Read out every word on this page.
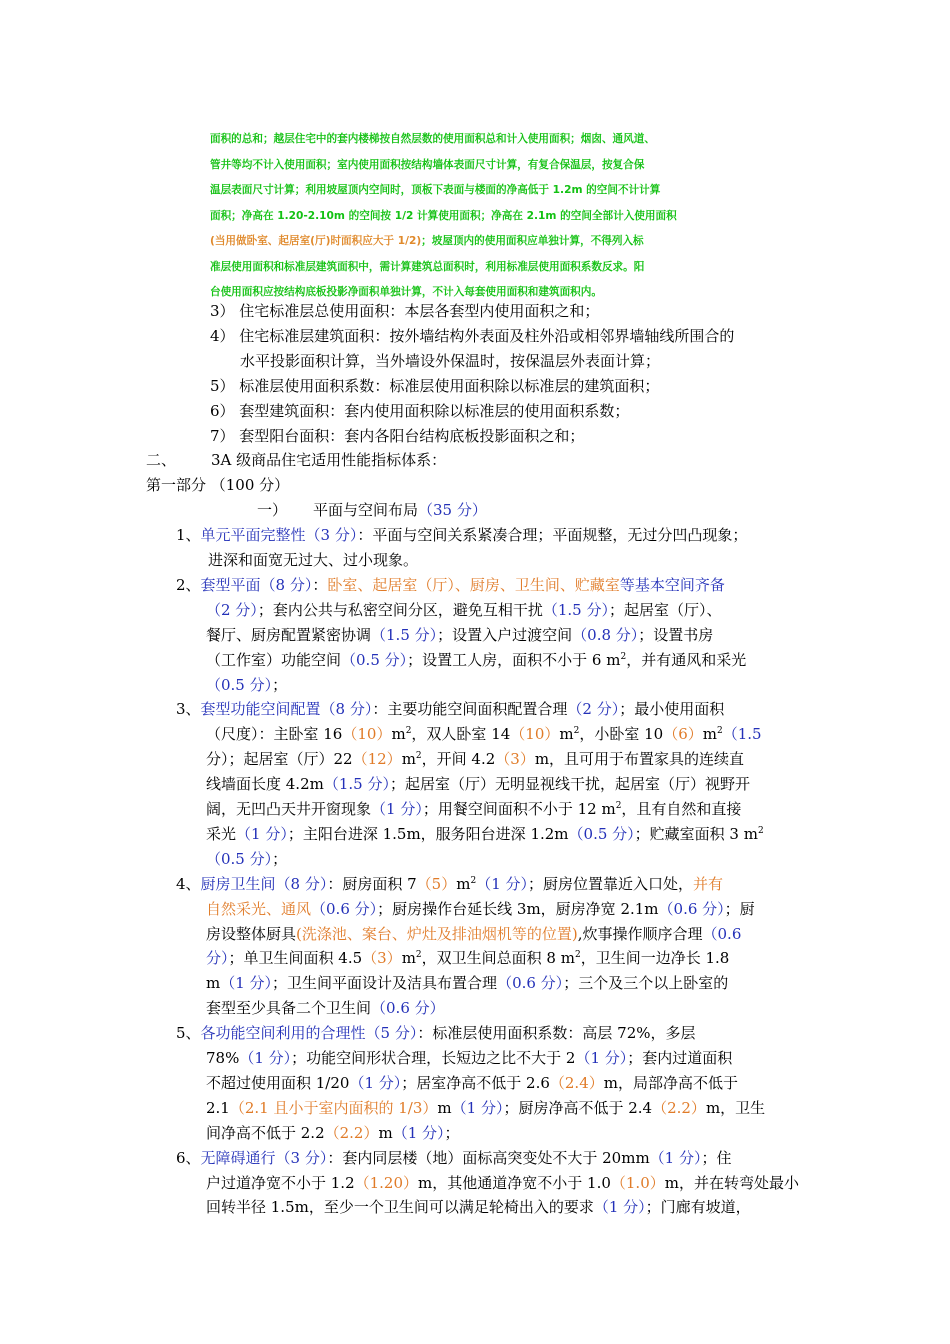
面积的总和；越层住宅中的套内楼梯按自然层数的使用面积总和计入使用面积；烟囱、通风道、

管井等均不计入使用面积；室内使用面积按结构墙体表面尺寸计算，有复合保温层，按复合保

温层表面尺寸计算；利用坡屋顶内空间时，顶板下表面与楼面的净高低于 1.2m 的空间不计计算

面积；净高在 1.20-2.10m 的空间按 1/2 计算使用面积；净高在 2.1m 的空间全部计入使用面积

(当用做卧室、起居室(厅)时面积应大于 1/2)；坡屋顶内的使用面积应单独计算，不得列入标

准层使用面积和标准层建筑面积中，需计算建筑总面积时，利用标准层使用面积系数反求。阳

台使用面积应按结构底板投影净面积单独计算，不计入每套使用面积和建筑面积内。

3） 住宅标准层总使用面积：本层各套型内使用面积之和；
4） 住宅标准层建筑面积：按外墙结构外表面及柱外沿或相邻界墙轴线所围合的
水平投影面积计算，当外墙设外保温时，按保温层外表面计算；
5） 标准层使用面积系数：标准层使用面积除以标准层的建筑面积；
6） 套型建筑面积：套内使用面积除以标准层的使用面积系数；
7） 套型阳台面积：套内各阳台结构底板投影面积之和；
二、 3A 级商品住宅适用性能指标体系：
第一部分 （100 分）
一） 平面与空间布局（35 分）
1、单元平面完整性（3 分）：平面与空间关系紧凑合理；平面规整，无过分凹凸现象；
进深和面宽无过大、过小现象。
2、套型平面（8 分）：卧室、起居室（厅）、厨房、卫生间、贮藏室等基本空间齐备
（2 分）；套内公共与私密空间分区，避免互相干扰（1.5 分）；起居室（厅）、
餐厅、厨房配置紧密协调（1.5 分）；设置入户过渡空间（0.8 分）；设置书房
（工作室）功能空间（0.5 分）；设置工人房，面积不小于 6 $m^2$，并有通风和采光
（0.5 分）；
3、套型功能空间配置（8 分）：主要功能空间面积配置合理（2 分）；最小使用面积
（尺度）：主卧室 $16(10)m^2$，双人卧室 $14(10)m^2$，小卧室 $10(6)m^2(1.5$
分）；起居室（厅）$22(12)m^2$，开间 4.2（3）m，且可用于布置家具的连续直
线墙面长度 4.2m（1.5 分）；起居室（厅）无明显视线干扰，起居室（厅）视野开
阔，无凹凸天井开窗现象（1 分）；用餐空间面积不小于 12 $m^2$，且有自然和直接
采光（1 分）；主阳台进深 1.5m，服务阳台进深 1.2m（0.5 分）；贮藏室面积 3 $m^2$
（0.5 分）；
4、厨房卫生间（8 分）：厨房面积 $7(5)m^2(1$ 分）；厨房位置靠近入口处，并有
自然采光、通风（0.6 分）；厨房操作台延长线 3m，厨房净宽 2.1m（0.6 分）；厨
房设整体厨具(洗涤池、案台、炉灶及排油烟机等的位置),炊事操作顺序合理（0.6
分）；单卫生间面积 $4.5(3)m^2$，双卫生间总面积 8 $m^2$，卫生间一边净长 1.8
m（1 分）；卫生间平面设计及洁具布置合理（0.6 分）；三个及三个以上卧室的
套型至少具备二个卫生间（0.6 分）
5、各功能空间利用的合理性（5 分）：标准层使用面积系数：高层 72%，多层
78%（1 分）；功能空间形状合理，长短边之比不大于 2（1 分）；套内过道面积
不超过使用面积 1/20（1 分）；居室净高不低于 2.6（2.4）m，局部净高不低于
2.1（2.1 且小于室内面积的 1/3）m（1 分）；厨房净高不低于 2.4（2.2）m，卫生
间净高不低于 2.2（2.2）m（1 分）；
6、无障碍通行（3 分）：套内同层楼（地）面标高突变处不大于 20mm（1 分）；住
户过道净宽不小于 1.2（1.20）m，其他通道净宽不小于 1.0（1.0）m，并在转弯处最小
回转半径 1.5m，至少一个卫生间可以满足轮椅出入的要求（1 分）；门廊有坡道，
